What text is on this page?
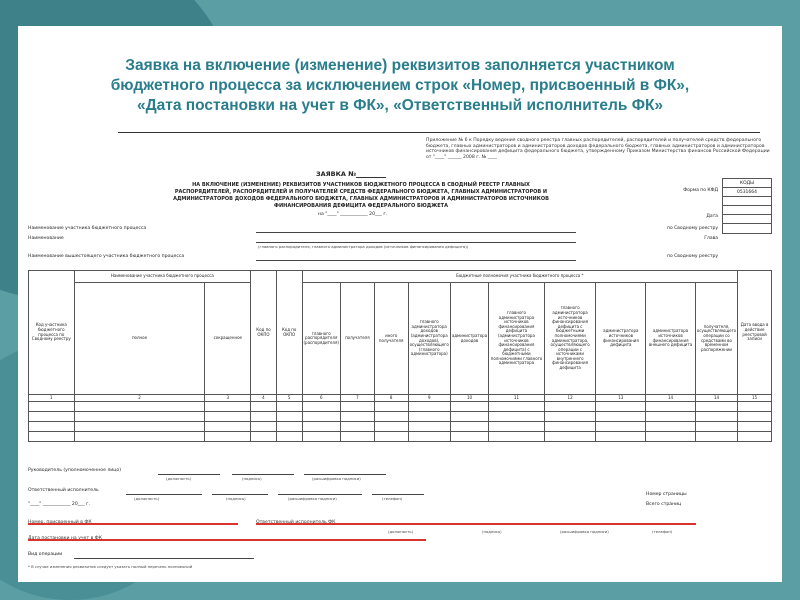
Заявка на включение (изменение) реквизитов заполняется участником
бюджетного процесса за исключением строк «Номер, присвоенный в ФК»,
«Дата постановки на учет в ФК», «Ответственный исполнитель ФК»
Приложение № 6 к Порядку ведения сводного реестра главных распорядителей, распорядителей и получателей средств федерального бюджета, главных администраторов и администраторов доходов федерального бюджета, главных администраторов и администраторов источников финансирования дефицита федерального бюджета, утвержденному Приказом Министерства финансов Российской Федерации от "____" ______ 2008 г. № ____
ЗАЯВКА №
НА ВКЛЮЧЕНИЕ (ИЗМЕНЕНИЕ) РЕКВИЗИТОВ УЧАСТНИКОВ БЮДЖЕТНОГО ПРОЦЕССА В СВОДНЫЙ РЕЕСТР ГЛАВНЫХ РАСПОРЯДИТЕЛЕЙ, РАСПОРЯДИТЕЛЕЙ И ПОЛУЧАТЕЛЕЙ СРЕДСТВ ФЕДЕРАЛЬНОГО БЮДЖЕТА, ГЛАВНЫХ АДМИНИСТРАТОРОВ И АДМИНИСТРАТОРОВ ДОХОДОВ ФЕДЕРАЛЬНОГО БЮДЖЕТА, ГЛАВНЫХ АДМИНИСТРАТОРОВ И АДМИНИСТРАТОРОВ ИСТОЧНИКОВ ФИНАНСИРОВАНИЯ ДЕФИЦИТА ФЕДЕРАЛЬНОГО БЮДЖЕТА
на "____" ____________ 20___ г.
КОДЫ
0531664
Форма по КФД
Дата
по Сводному реестру
Глава
по Сводному реестру
Наименование участника бюджетного процесса
Наименование
(главного распорядителя, главного администратора доходов (источников финансирования дефицита))
Наименование вышестоящего участника бюджетного процесса
Код участника бюджетного процесса по Сводному реестру	Наименование участника бюджетного процесса		Код по ОКПО	Код по ОКПО	Бюджетные полномочия участника бюджетного процесса *										Дата ввода в действие реестровой записи
	полное	сокращенное			главного распорядителя (распорядителя)	получателя	иного получателя	главного администратора доходов (администратора доходов), осуществляющего (главного администратора)	администратора доходов	главного администратора источников финансирования дефицита (администратора источников финансирования дефицита) с бюджетными полномочиями главного администратора	главного администратора источников финансирования дефицита с бюджетными полномочиями администратора, осуществляющего операции с источниками внутреннего финансирования дефицита	администратора источников финансирования дефицита	администратора источников финансирования внешнего дефицита	получателя, осуществляющего операции со средствами во временном распоряжении	
1	2	3	4	5	6	7	8	9	10	11	12	13	14	14	15

Руководитель (уполномоченное лицо)
(должность)	(подпись)	(расшифровка подписи)
Ответственный исполнитель
(должность)	(подпись)	(расшифровка подписи)	(телефон)
"____" ____________ 20___ г.
Номер страницы
Всего страниц
(должность)	(подпись)	(расшифровка подписи)	(телефон)
Вид операции
* В случае изменения реквизитов следует указать полный перечень полномочий
